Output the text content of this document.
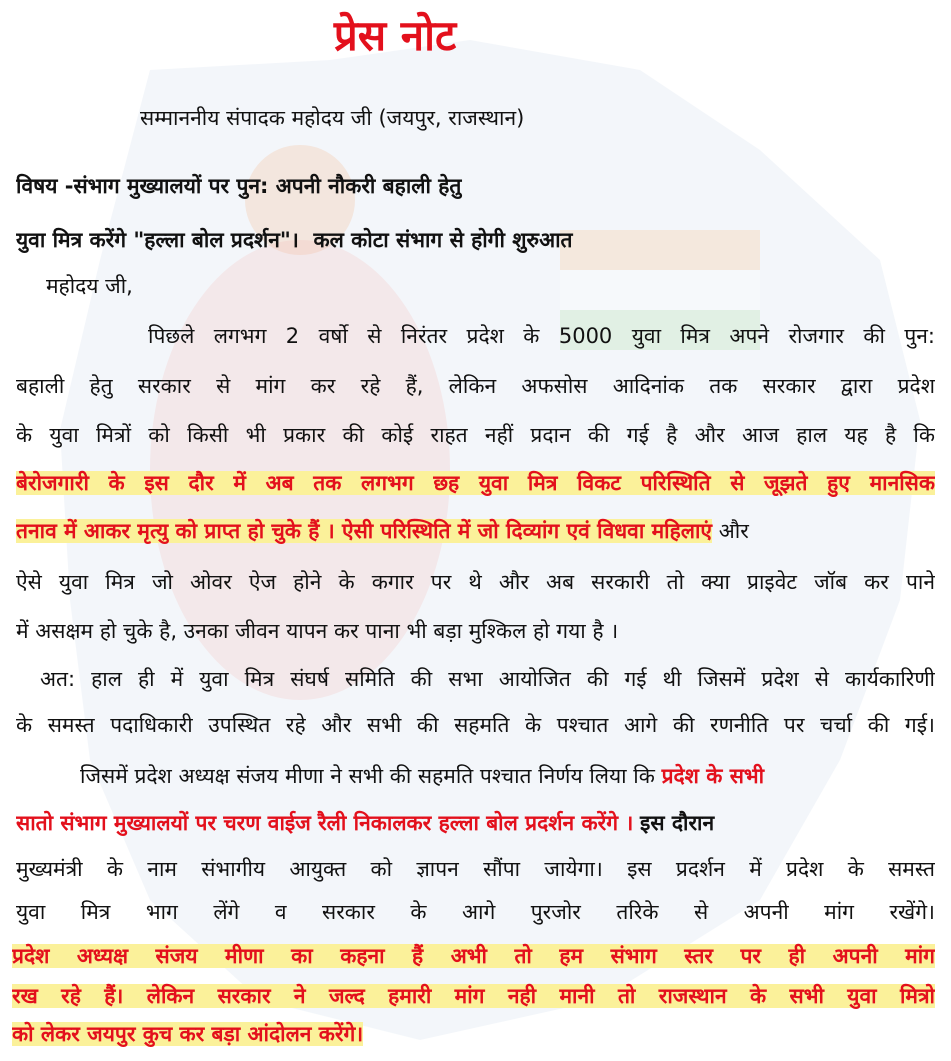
प्रेस नोट
सम्माननीय संपादक महोदय जी (जयपुर, राजस्थान)
विषय -संभाग मुख्यालयों पर पुन: अपनी नौकरी बहाली हेतु
युवा मित्र करेंगे "हल्ला बोल प्रदर्शन"। कल कोटा संभाग से होगी शुरुआत
महोदय जी,
पिछले लगभग 2 वर्षो से निरंतर प्रदेश के 5000 युवा मित्र अपने रोजगार की पुन:
बहाली हेतु सरकार से मांग कर रहे हैं, लेकिन अफसोस आदिनांक तक सरकार द्वारा प्रदेश
के युवा मित्रों को किसी भी प्रकार की कोई राहत नहीं प्रदान की गई है और आज हाल यह है कि
बेरोजगारी के इस दौर में अब तक लगभग छह युवा मित्र विकट परिस्थिति से जूझते हुए मानसिक
तनाव में आकर मृत्यु को प्राप्त हो चुके हैं । ऐसी परिस्थिति में जो दिव्यांग एवं विधवा महिलाएं और
ऐसे युवा मित्र जो ओवर ऐज होने के कगार पर थे और अब सरकारी तो क्या प्राइवेट जॉब कर पाने
में असक्षम हो चुके है, उनका जीवन यापन कर पाना भी बड़ा मुश्किल हो गया है ।
अत: हाल ही में युवा मित्र संघर्ष समिति की सभा आयोजित की गई थी जिसमें प्रदेश से कार्यकारिणी
के समस्त पदाधिकारी उपस्थित रहे और सभी की सहमति के पश्चात आगे की रणनीति पर चर्चा की गई।
जिसमें प्रदेश अध्यक्ष संजय मीणा ने सभी की सहमति पश्चात निर्णय लिया कि प्रदेश के सभी
सातो संभाग मुख्यालयों पर चरण वाईज रैली निकालकर हल्ला बोल प्रदर्शन करेंगे । इस दौरान
मुख्यमंत्री के नाम संभागीय आयुक्त को ज्ञापन सौंपा जायेगा। इस प्रदर्शन में प्रदेश के समस्त
युवा मित्र भाग लेंगे व सरकार के आगे पुरजोर तरिके से अपनी मांग रखेंगे।
प्रदेश अध्यक्ष संजय मीणा का कहना हैं अभी तो हम संभाग स्तर पर ही अपनी मांग
रख रहे हैं। लेकिन सरकार ने जल्द हमारी मांग नही मानी तो राजस्थान के सभी युवा मित्रो
को लेकर जयपुर कुच कर बड़ा आंदोलन करेंगे।
